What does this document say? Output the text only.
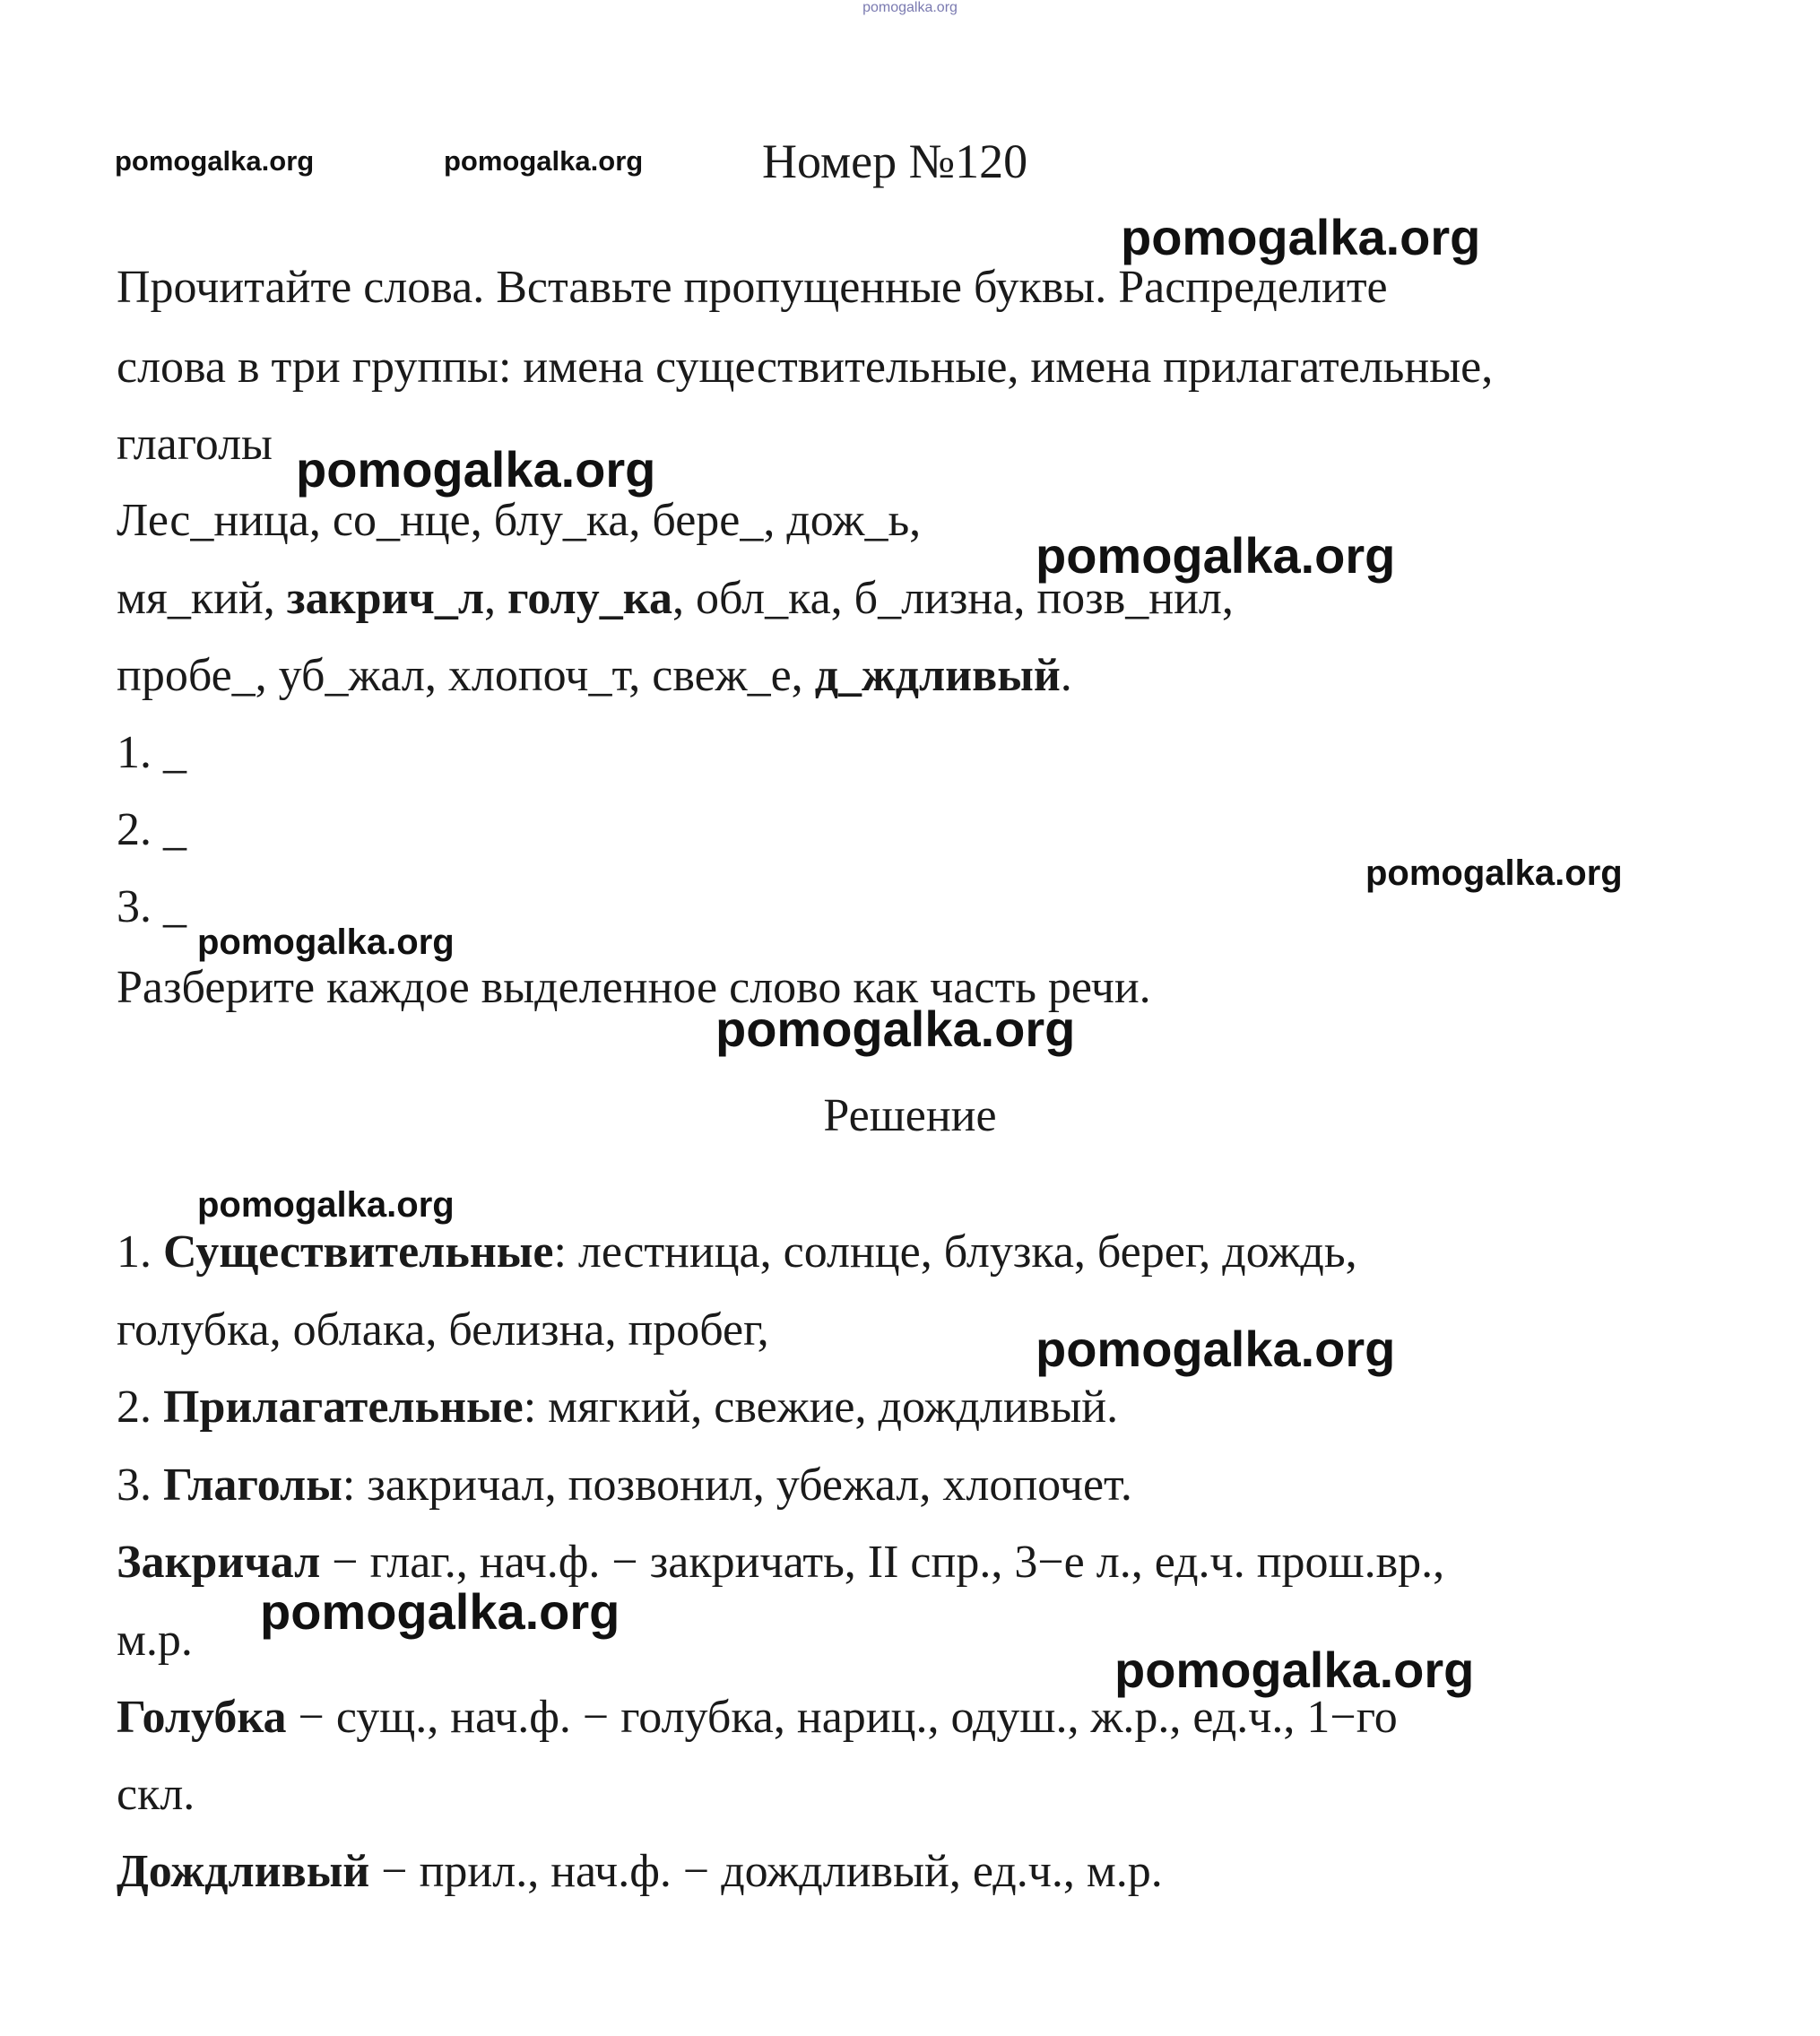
pomogalka.org
pomogalka.org	pomogalka.org Номер №120
Прочитайте слова. Вставьте пропущенные буквы. Распределите
слова в три группы: имена существительные, имена прилагательные,
глаголы
Лес_ница, со_нце, блу_ка, бере_, дож_ь,
мя_кий, закрич_л, голу_ка, обл_ка, б_лизна, позв_нил,
пробе_, уб_жал, хлопоч_т, свеж_е, д_ждливый.
1. _
2. _
3. _
Разберите каждое выделенное слово как часть речи.
Решение
1. Существительные: лестница, солнце, блузка, берег, дождь,
голубка, облака, белизна, пробег,
2. Прилагательные: мягкий, свежие, дождливый.
3. Глаголы: закричал, позвонил, убежал, хлопочет.
Закричал − глаг., нач.ф. − закричать, II спр., 3−е л., ед.ч. прош.вр.,
м.р.
Голубка − сущ., нач.ф. − голубка, нариц., одуш., ж.р., ед.ч., 1−го
скл.
Дождливый − прил., нач.ф. − дождливый, ед.ч., м.р.
pomogalka.org
pomogalka.org
pomogalka.org
pomogalka.org
pomogalka.org
pomogalka.org
pomogalka.org
pomogalka.org
pomogalka.org
pomogalka.org
